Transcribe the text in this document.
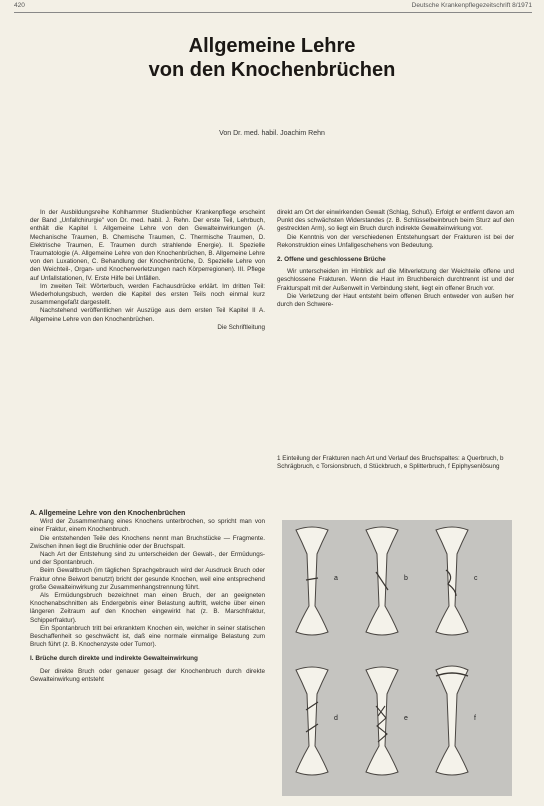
420	Deutsche Krankenpflegezeitschrift 8/1971
Allgemeine Lehre
von den Knochenbrüchen
Von Dr. med. habil. Joachim Rehn

In der Ausbildungsreihe Kohlhammer Studienbücher Krankenpflege erscheint der Band „Unfallchirurgie" von Dr. med. habil. J. Rehn. Der erste Teil, Lehrbuch, enthält die Kapitel I. Allgemeine Lehre von den Gewalteinwirkungen (A. Mechanische Traumen, B. Chemische Traumen, C. Thermische Traumen, D. Elektrische Traumen, E. Traumen durch strahlende Energie). II. Spezielle Traumatologie (A. Allgemeine Lehre von den Knochenbrüchen, B. Allgemeine Lehre von den Luxationen, C. Behandlung der Knochenbrüche, D. Spezielle Lehre von den Weichteil-, Organ- und Knochenverletzungen nach Körperregionen). III. Pflege auf Unfallstationen, IV. Erste Hilfe bei Unfällen.

Im zweiten Teil: Wörterbuch, werden Fachausdrücke erklärt. Im dritten Teil: Wiederholungsbuch, werden die Kapitel des ersten Teils noch einmal kurz zusammengefaßt dargestellt.

Nachstehend veröffentlichen wir Auszüge aus dem ersten Teil Kapitel II A. Allgemeine Lehre von den Knochenbrüchen.

Die Schriftleitung

A. Allgemeine Lehre von den Knochenbrüchen

Wird der Zusammenhang eines Knochens unterbrochen, so spricht man von einer Fraktur, einem Knochenbruch.

Die entstehenden Teile des Knochens nennt man Bruchstücke — Fragmente. Zwischen ihnen liegt die Bruchlinie oder der Bruchspalt.

Nach Art der Entstehung sind zu unterscheiden der Gewalt-, der Ermüdungs- und der Spontanbruch.

Beim Gewaltbruch (im täglichen Sprachgebrauch wird der Ausdruck Bruch oder Fraktur ohne Beiwort benutzt) bricht der gesunde Knochen, weil eine entsprechend große Gewalteinwirkung zur Zusammenhangstrennung führt.

Als Ermüdungsbruch bezeichnet man einen Bruch, der an geeigneten Knochenabschnitten als Endergebnis einer Belastung auftritt, welche über einen längeren Zeitraum auf den Knochen eingewirkt hat (z. B. Marschfraktur, Schipperfraktur).

Ein Spontanbruch tritt bei erkranktem Knochen ein, welcher in seiner statischen Beschaffenheit so geschwächt ist, daß eine normale einmalige Belastung zum Bruch führt (z. B. Knochenzyste oder Tumor).

I. Brüche durch direkte und indirekte Gewalteinwirkung

Der direkte Bruch oder genauer gesagt der Knochenbruch durch direkte Gewalteinwirkung entsteht

direkt am Ort der einwirkenden Gewalt (Schlag, Schuß). Erfolgt er entfernt davon am Punkt des schwächsten Widerstandes (z. B. Schlüsselbeinbruch beim Sturz auf den gestreckten Arm), so liegt ein Bruch durch indirekte Gewalteinwirkung vor.

Die Kenntnis von der verschiedenen Entstehungsart der Frakturen ist bei der Rekonstruktion eines Unfallgeschehens von Bedeutung.

2. Offene und geschlossene Brüche

Wir unterscheiden im Hinblick auf die Mitverletzung der Weichteile offene und geschlossene Frakturen. Wenn die Haut im Bruchbereich durchtrennt ist und der Frakturspalt mit der Außenwelt in Verbindung steht, liegt ein offener Bruch vor.

Die Verletzung der Haut entsteht beim offenen Bruch entweder von außen her durch den Schwere-

1 Einteilung der Frakturen nach Art und Verlauf des Bruchspaltes: a Querbruch, b Schrägbruch, c Torsionsbruch, d Stückbruch, e Splitterbruch, f Epiphysenlösung
a	b	c
d	e	f
